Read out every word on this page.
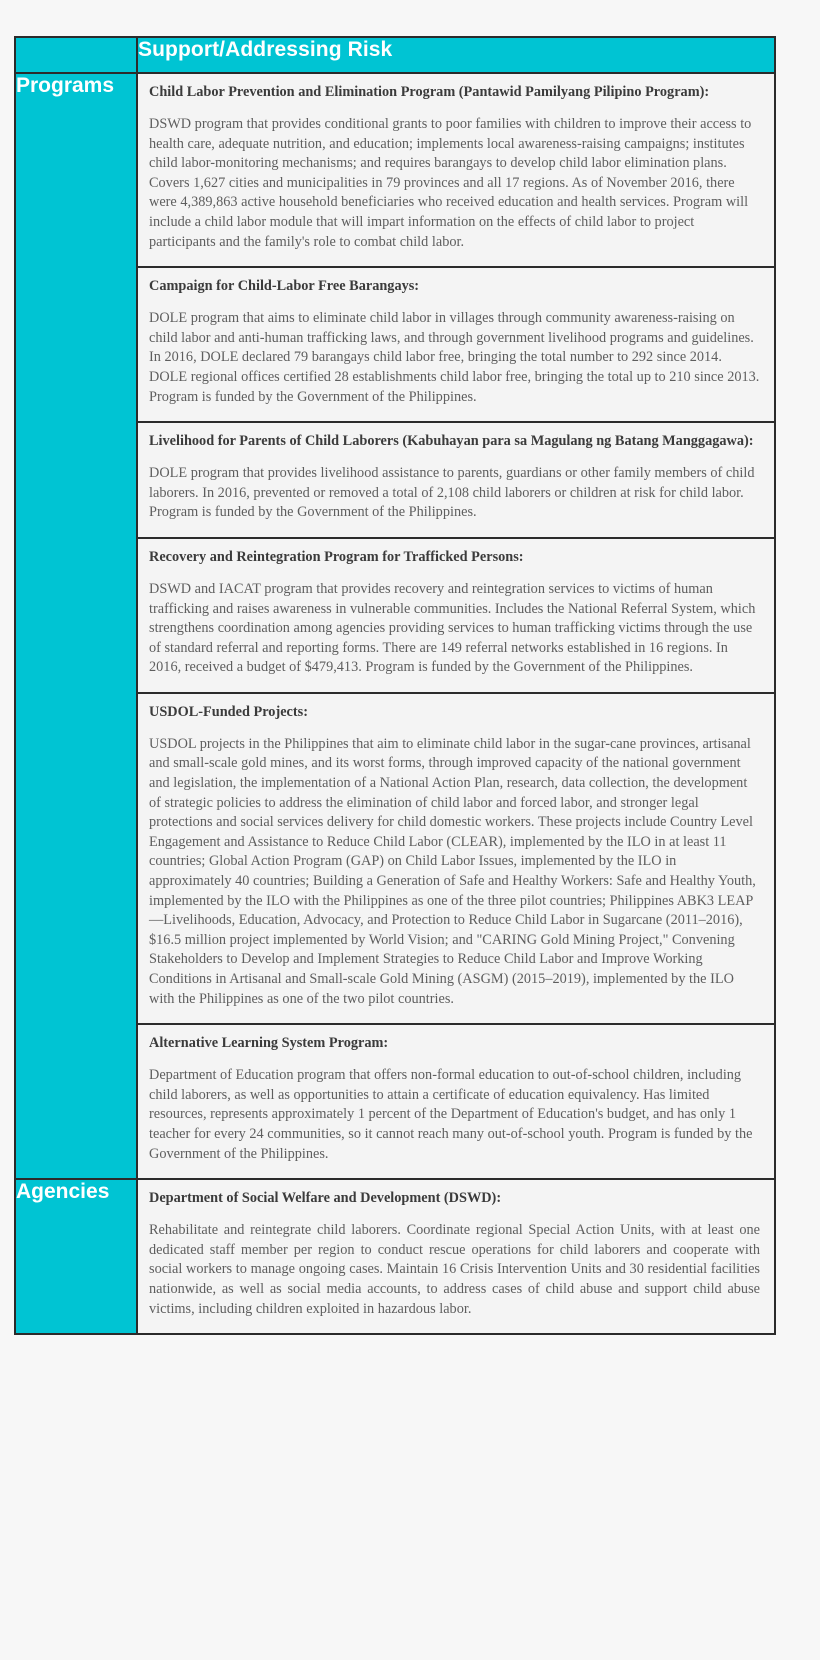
	Support/Addressing Risk
Programs	Child Labor Prevention and Elimination Program (Pantawid Pamilyang Pilipino Program):

DSWD program that provides conditional grants to poor families with children to improve their access to health care, adequate nutrition, and education; implements local awareness-raising campaigns; institutes child labor-monitoring mechanisms; and requires barangays to develop child labor elimination plans. Covers 1,627 cities and municipalities in 79 provinces and all 17 regions. As of November 2016, there were 4,389,863 active household beneficiaries who received education and health services. Program will include a child labor module that will impart information on the effects of child labor to project participants and the family's role to combat child labor.

Campaign for Child-Labor Free Barangays:

DOLE program that aims to eliminate child labor in villages through community awareness-raising on child labor and anti-human trafficking laws, and through government livelihood programs and guidelines. In 2016, DOLE declared 79 barangays child labor free, bringing the total number to 292 since 2014. DOLE regional offices certified 28 establishments child labor free, bringing the total up to 210 since 2013. Program is funded by the Government of the Philippines.

Livelihood for Parents of Child Laborers (Kabuhayan para sa Magulang ng Batang Manggagawa):

DOLE program that provides livelihood assistance to parents, guardians or other family members of child laborers. In 2016, prevented or removed a total of 2,108 child laborers or children at risk for child labor. Program is funded by the Government of the Philippines.

Recovery and Reintegration Program for Trafficked Persons:

DSWD and IACAT program that provides recovery and reintegration services to victims of human trafficking and raises awareness in vulnerable communities. Includes the National Referral System, which strengthens coordination among agencies providing services to human trafficking victims through the use of standard referral and reporting forms. There are 149 referral networks established in 16 regions. In 2016, received a budget of $479,413. Program is funded by the Government of the Philippines.

USDOL-Funded Projects:

USDOL projects in the Philippines that aim to eliminate child labor in the sugar-cane provinces, artisanal and small-scale gold mines, and its worst forms, through improved capacity of the national government and legislation, the implementation of a National Action Plan, research, data collection, the development of strategic policies to address the elimination of child labor and forced labor, and stronger legal protections and social services delivery for child domestic workers. These projects include Country Level Engagement and Assistance to Reduce Child Labor (CLEAR), implemented by the ILO in at least 11 countries; Global Action Program (GAP) on Child Labor Issues, implemented by the ILO in approximately 40 countries; Building a Generation of Safe and Healthy Workers: Safe and Healthy Youth, implemented by the ILO with the Philippines as one of the three pilot countries; Philippines ABK3 LEAP—Livelihoods, Education, Advocacy, and Protection to Reduce Child Labor in Sugarcane (2011–2016), $16.5 million project implemented by World Vision; and "CARING Gold Mining Project," Convening Stakeholders to Develop and Implement Strategies to Reduce Child Labor and Improve Working Conditions in Artisanal and Small-scale Gold Mining (ASGM) (2015–2019), implemented by the ILO with the Philippines as one of the two pilot countries.

Alternative Learning System Program:

Department of Education program that offers non-formal education to out-of-school children, including child laborers, as well as opportunities to attain a certificate of education equivalency. Has limited resources, represents approximately 1 percent of the Department of Education's budget, and has only 1 teacher for every 24 communities, so it cannot reach many out-of-school youth. Program is funded by the Government of the Philippines.

Agencies	Department of Social Welfare and Development (DSWD):

Rehabilitate and reintegrate child laborers. Coordinate regional Special Action Units, with at least one dedicated staff member per region to conduct rescue operations for child laborers and cooperate with social workers to manage ongoing cases. Maintain 16 Crisis Intervention Units and 30 residential facilities nationwide, as well as social media accounts, to address cases of child abuse and support child abuse victims, including children exploited in hazardous labor.
